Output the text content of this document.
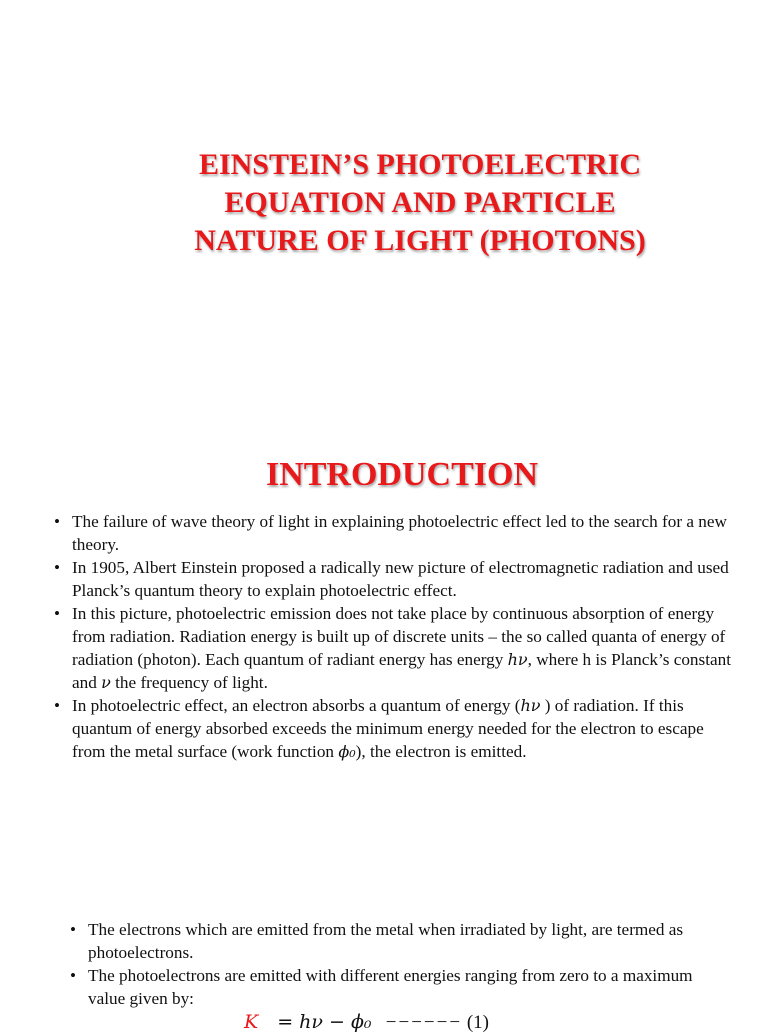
EINSTEIN’S PHOTOELECTRIC
EQUATION AND PARTICLE
NATURE OF LIGHT (PHOTONS)
INTRODUCTION
• The failure of wave theory of light in explaining photoelectric effect led to the search for a new theory.
• In 1905, Albert Einstein proposed a radically new picture of electromagnetic radiation and used Planck’s quantum theory to explain photoelectric effect.
• In this picture, photoelectric emission does not take place by continuous absorption of energy from radiation. Radiation energy is built up of discrete units – the so called quanta of energy of radiation (photon). Each quantum of radiant energy has energy hν, where h is Planck’s constant and ν the frequency of light.
• In photoelectric effect, an electron absorbs a quantum of energy (hν ) of radiation. If this quantum of energy absorbed exceeds the minimum energy needed for the electron to escape from the metal surface (work function ϕ₀), the electron is emitted.
• The electrons which are emitted from the metal when irradiated by light, are termed as photoelectrons.
• The photoelectrons are emitted with different energies ranging from zero to a maximum value given by:
K = hν − ϕ₀ −−−−−− (1)
